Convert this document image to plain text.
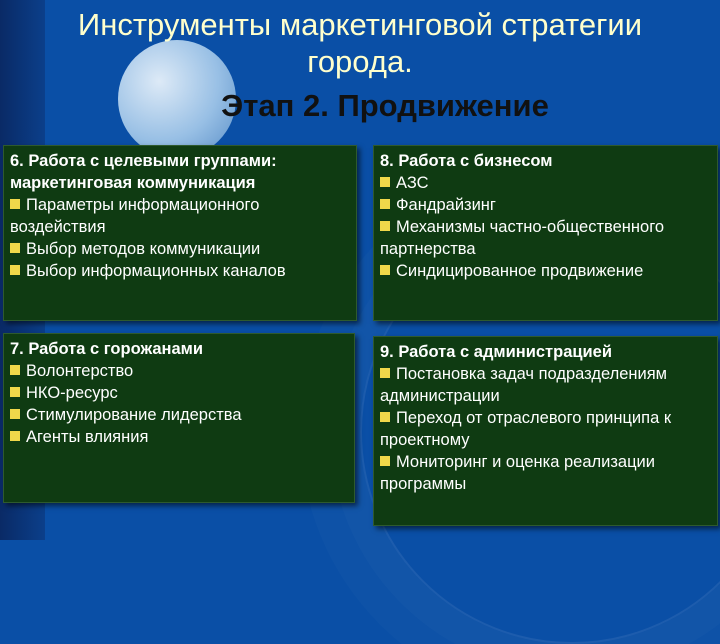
Инструменты маркетинговой стратегии города.
Этап 2. Продвижение
6. Работа с целевыми группами: маркетинговая коммуникация
Параметры информационного воздействия
Выбор методов коммуникации
Выбор информационных каналов
8. Работа с бизнесом
АЗС
Фандрайзинг
Механизмы частно-общественного партнерства
Синдицированное продвижение
7. Работа с горожанами
Волонтерство
НКО-ресурс
Стимулирование лидерства
Агенты влияния
9. Работа с администрацией
Постановка задач подразделениям администрации
Переход от отраслевого принципа к проектному
Мониторинг и оценка реализации программы
